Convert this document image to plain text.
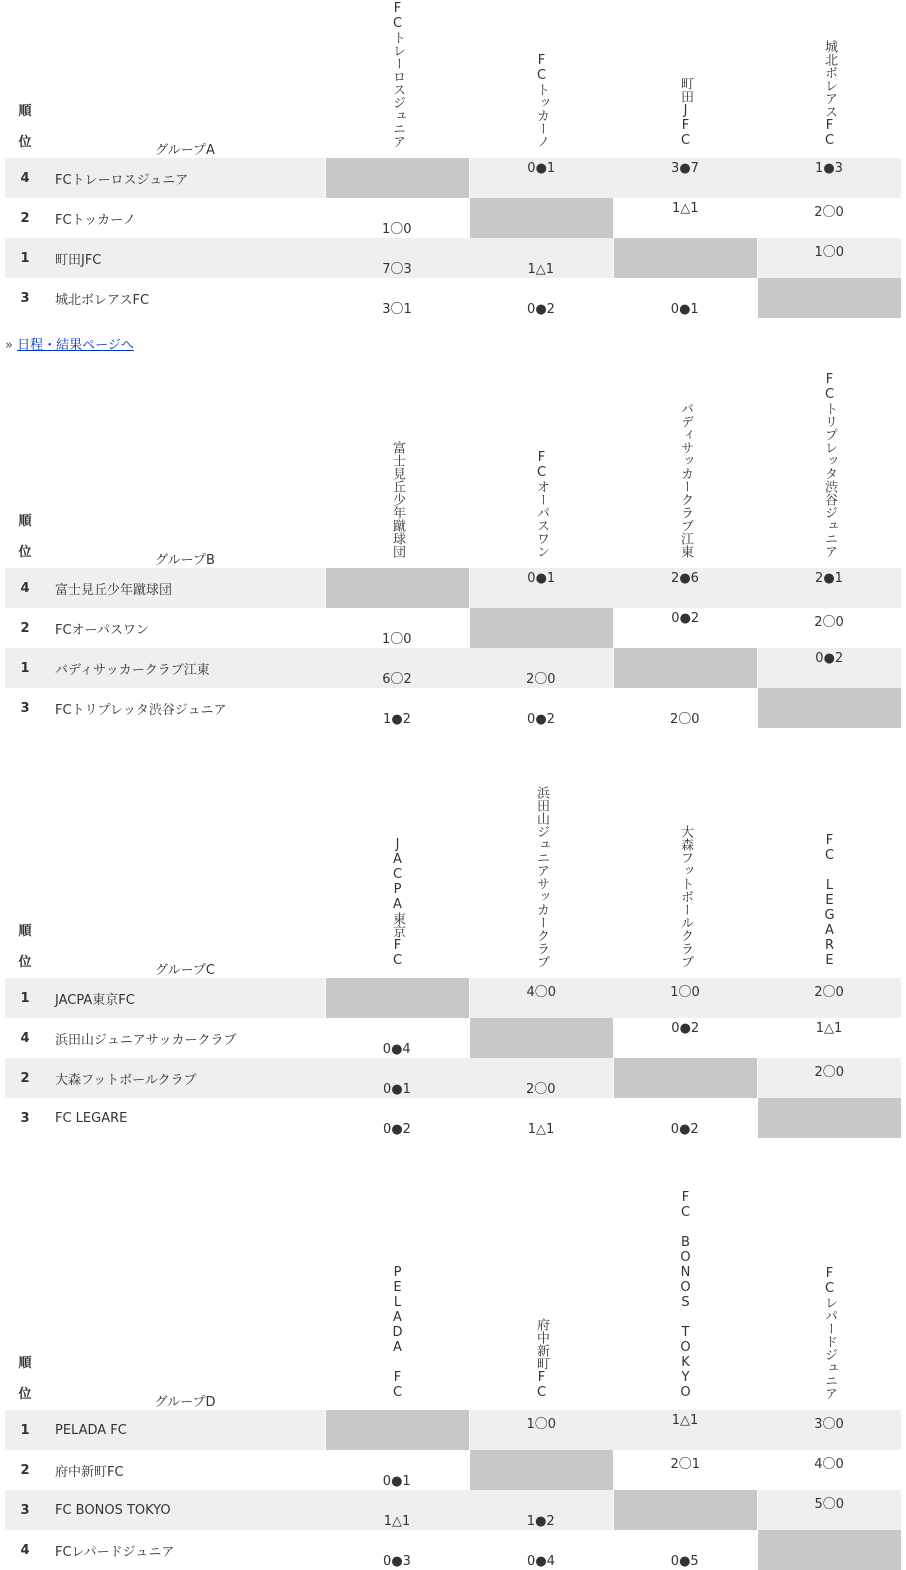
順
位	グループA	FCトレーロスジュニア	FCトッカーノ	町田JFC	城北ボレアスFC

4	FCトレーロスジュニア		0●1	3●7	1●3
2	FCトッカーノ	1〇0		1△1	2〇0
1	町田JFC	7〇3	1△1		1〇0
3	城北ボレアスFC	3〇1	0●2	0●1	
» 日程・結果ページへ
順
位	グループB	富士見丘少年蹴球団	FCオーパスワン	バディサッカークラブ江東	FCトリプレッタ渋谷ジュニア

4	富士見丘少年蹴球団		0●1	2●6	2●1
2	FCオーパスワン	1〇0		0●2	2〇0
1	バディサッカークラブ江東	6〇2	2〇0		0●2
3	FCトリプレッタ渋谷ジュニア	1●2	0●2	2〇0	
順
位	グループC	JACPA東京FC	浜田山ジュニアサッカークラブ	大森フットボールクラブ	FC LEGARE

1	JACPA東京FC		4〇0	1〇0	2〇0
4	浜田山ジュニアサッカークラブ	0●4		0●2	1△1
2	大森フットボールクラブ	0●1	2〇0		2〇0
3	FC LEGARE	0●2	1△1	0●2	
順
位	グループD	PELADA FC	府中新町FC	FC BONOS TOKYO	FCレパードジュニア

1	PELADA FC		1〇0	1△1	3〇0
2	府中新町FC	0●1		2〇1	4〇0
3	FC BONOS TOKYO	1△1	1●2		5〇0
4	FCレパードジュニア	0●3	0●4	0●5	
